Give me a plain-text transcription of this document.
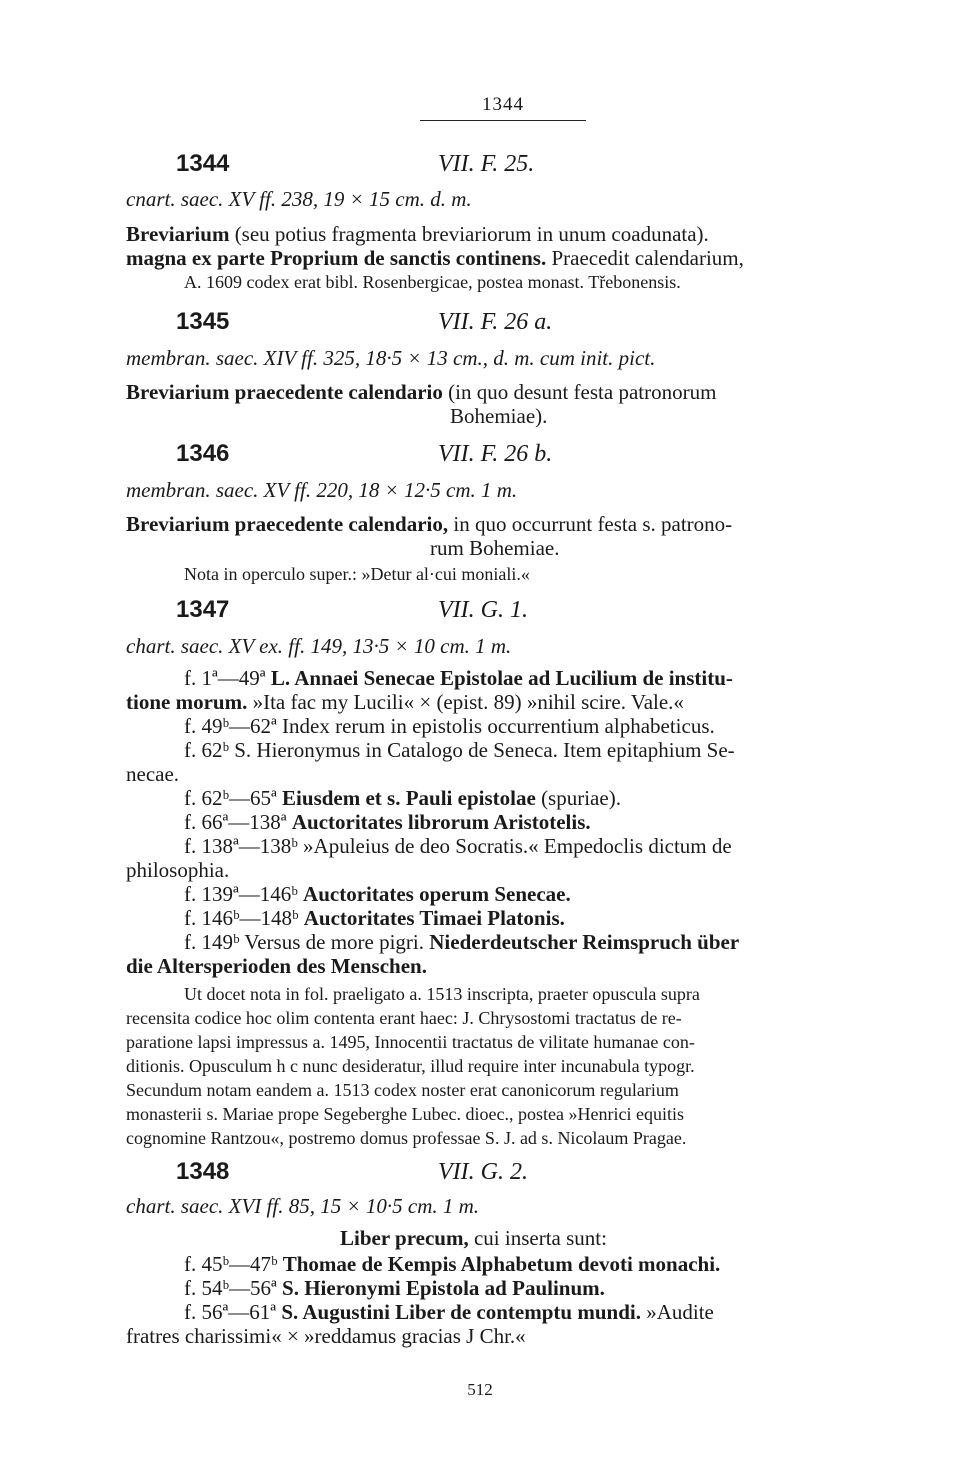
1344
1344	VII. F. 25.
cnart. saec. XV ff. 238, 19 × 15 cm. d. m.
Breviarium (seu potius fragmenta breviariorum in unum coadunata).
magna ex parte Proprium de sanctis continens. Praecedit calendarium,
A. 1609 codex erat bibl. Rosenbergicae, postea monast. Třebonensis.
1345	VII. F. 26 a.
membran. saec. XIV ff. 325, 18·5 × 13 cm., d. m. cum init. pict.
Breviarium praecedente calendario (in quo desunt festa patronorum
Bohemiae).
1346	VII. F. 26 b.
membran. saec. XV ff. 220, 18 × 12·5 cm. 1 m.
Breviarium praecedente calendario, in quo occurrunt festa s. patrono-
rum Bohemiae.
Nota in operculo super.: »Detur al·cui moniali.«
1347	VII. G. 1.
chart. saec. XV ex. ff. 149, 13·5 × 10 cm. 1 m.
f. 1ª—49ª L. Annaei Senecae Epistolae ad Lucilium de institu-
tione morum. »Ita fac my Lucili« × (epist. 89) »nihil scire. Vale.«
f. 49ᵇ—62ª Index rerum in epistolis occurrentium alphabeticus.
f. 62ᵇ S. Hieronymus in Catalogo de Seneca. Item epitaphium Se-
necae.
f. 62ᵇ—65ª Eiusdem et s. Pauli epistolae (spuriae).
f. 66ª—138ª Auctoritates librorum Aristotelis.
f. 138ª—138ᵇ »Apuleius de deo Socratis.« Empedoclis dictum de
philosophia.
f. 139ª—146ᵇ Auctoritates operum Senecae.
f. 146ᵇ—148ᵇ Auctoritates Timaei Platonis.
f. 149ᵇ Versus de more pigri. Niederdeutscher Reimspruch über
die Altersperioden des Menschen.
Ut docet nota in fol. praeligato a. 1513 inscripta, praeter opuscula supra
recensita codice hoc olim contenta erant haec: J. Chrysostomi tractatus de re-
paratione lapsi impressus a. 1495, Innocentii tractatus de vilitate humanae con-
ditionis. Opusculum h c nunc desideratur, illud require inter incunabula typogr.
Secundum notam eandem a. 1513 codex noster erat canonicorum regularium
monasterii s. Mariae prope Segeberghe Lubec. dioec., postea »Henrici equitis
cognomine Rantzou«, postremo domus professae S. J. ad s. Nicolaum Pragae.
1348	VII. G. 2.
chart. saec. XVI ff. 85, 15 × 10·5 cm. 1 m.
Liber precum, cui inserta sunt:
f. 45ᵇ—47ᵇ Thomae de Kempis Alphabetum devoti monachi.
f. 54ᵇ—56ª S. Hieronymi Epistola ad Paulinum.
f. 56ª—61ª S. Augustini Liber de contemptu mundi. »Audite
fratres charissimi« × »reddamus gracias J Chr.«
512
